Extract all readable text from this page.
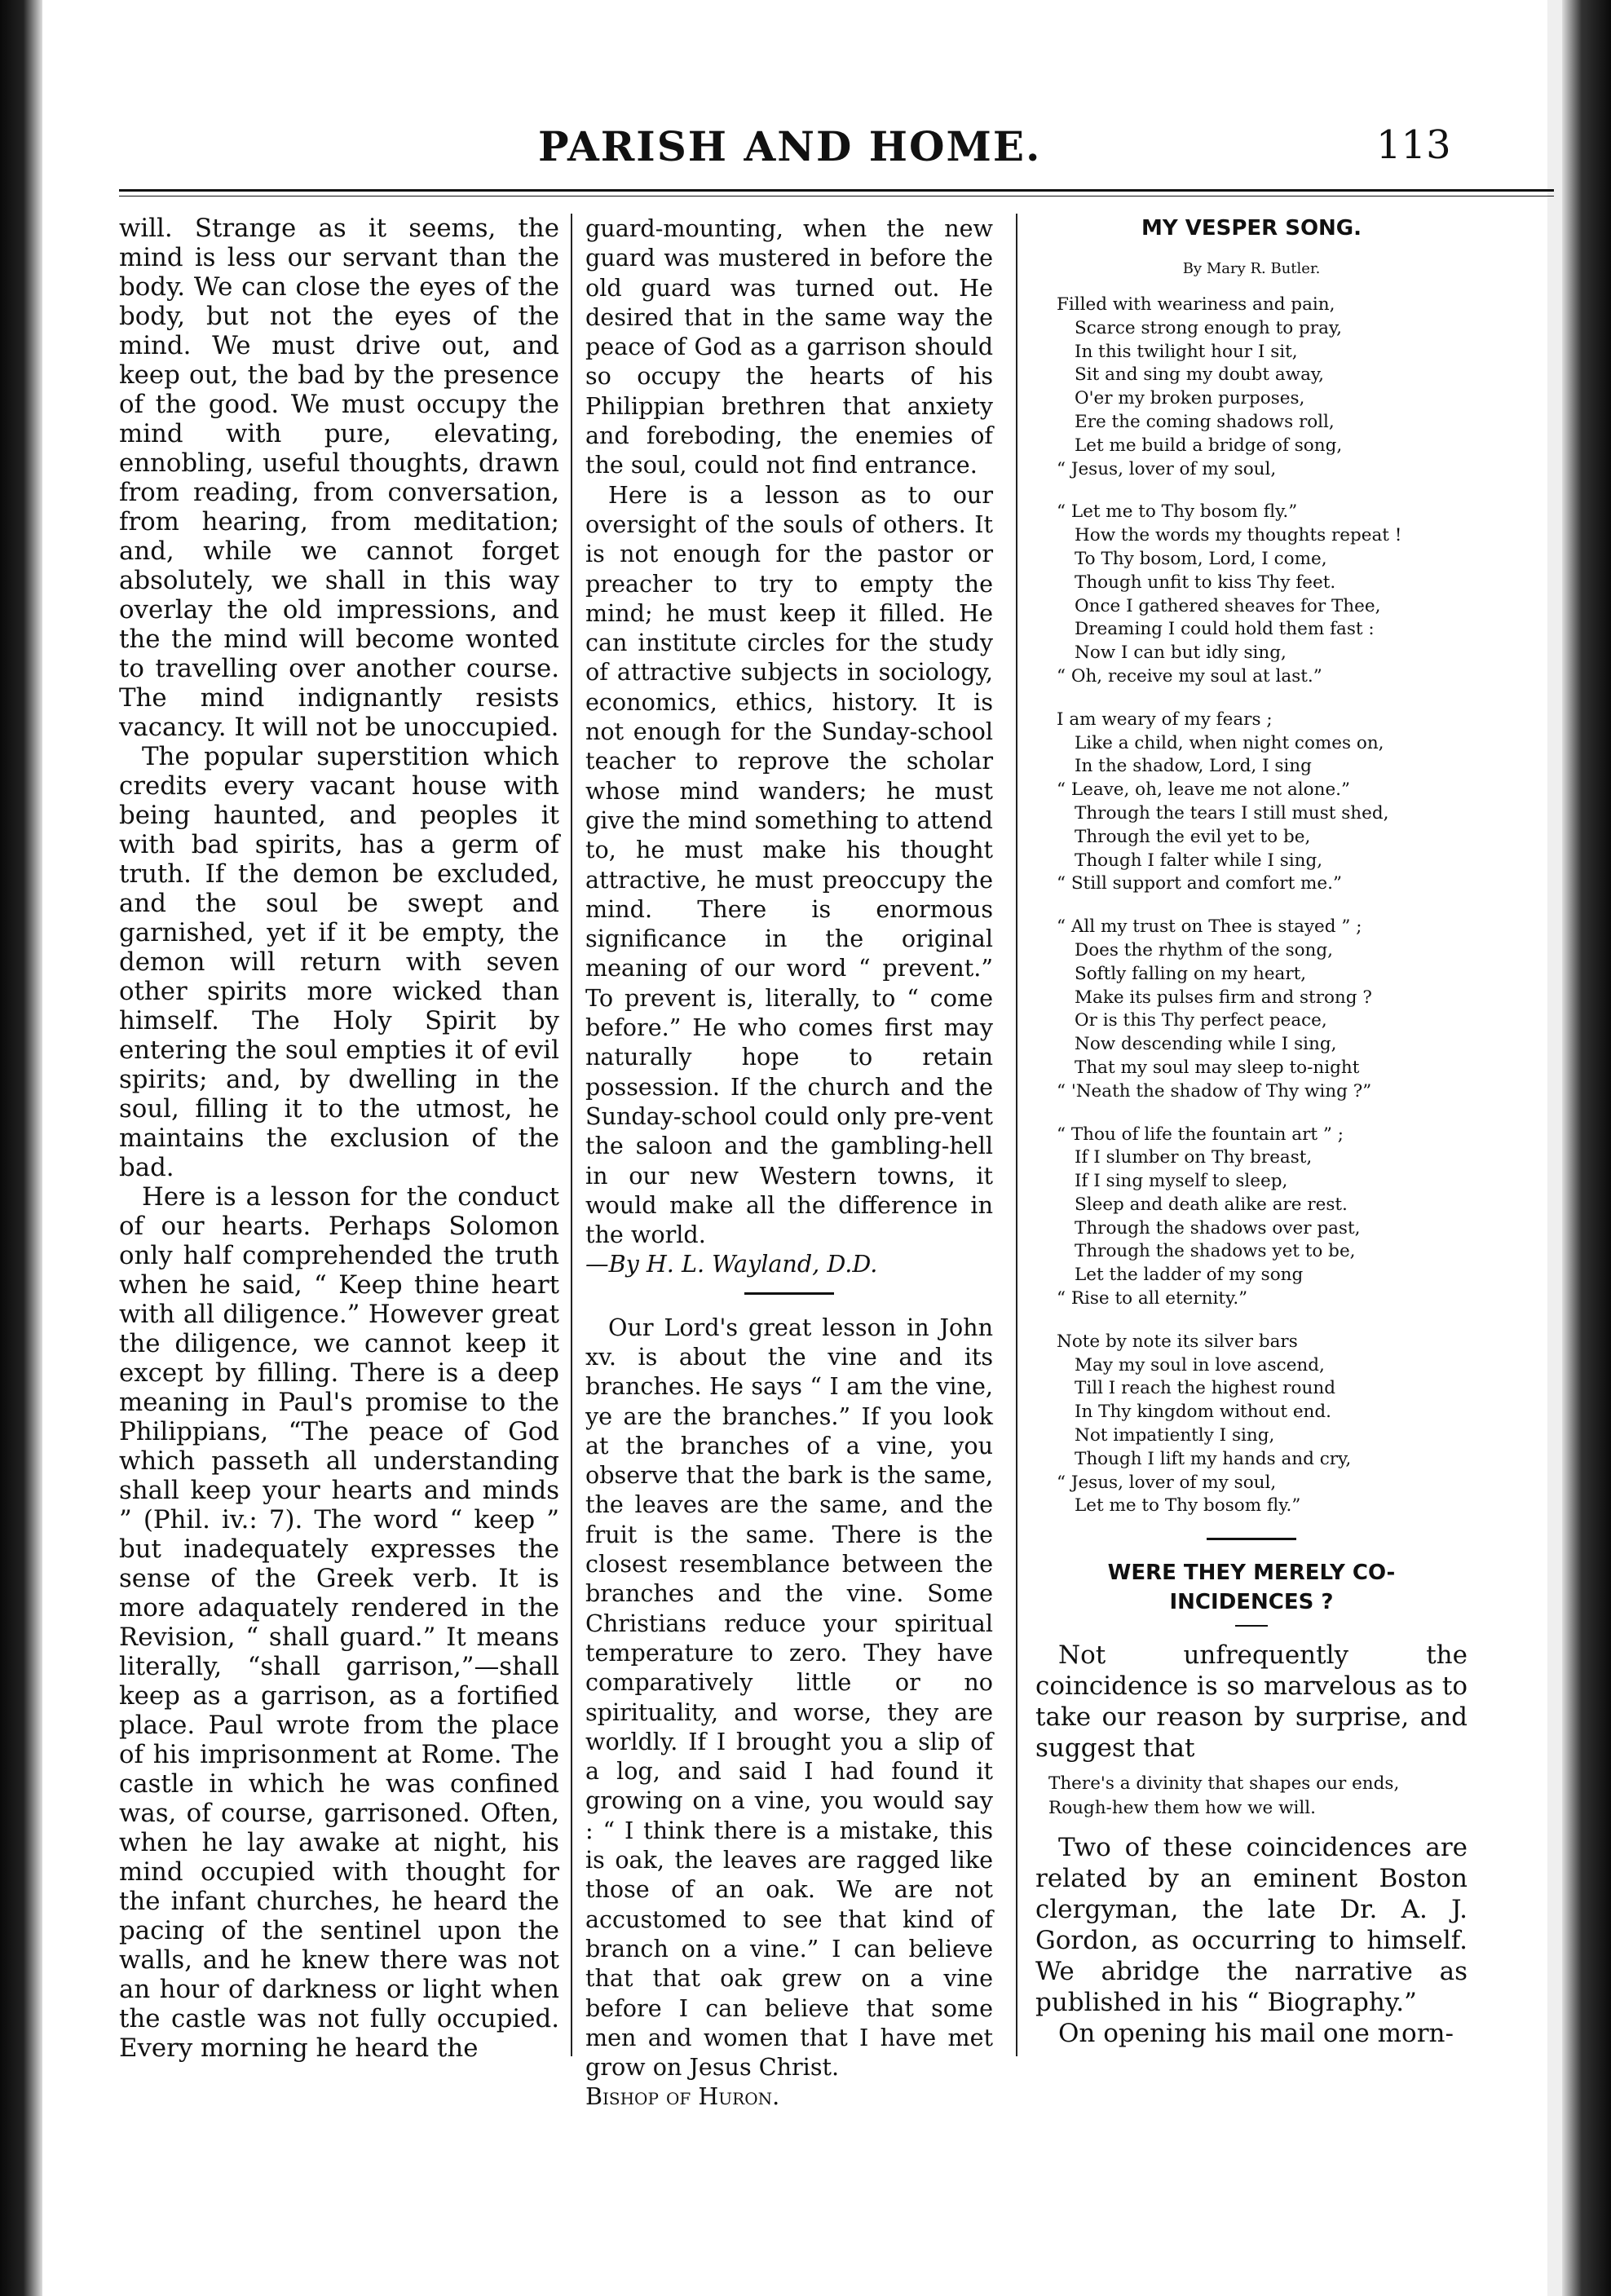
PARISH AND HOME.	113

will. Strange as it seems, the mind is less our servant than the body. We can close the eyes of the body, but not the eyes of the mind. We must drive out, and keep out, the bad by the presence of the good. We must occupy the mind with pure, elevating, ennobling, useful thoughts, drawn from reading, from conversation, from hearing, from meditation; and, while we cannot forget absolutely, we shall in this way overlay the old impressions, and the the mind will become wonted to travelling over another course. The mind indignantly resists vacancy. It will not be unoccupied.

The popular superstition which credits every vacant house with being haunted, and peoples it with bad spirits, has a germ of truth. If the demon be excluded, and the soul be swept and garnished, yet if it be empty, the demon will return with seven other spirits more wicked than himself. The Holy Spirit by entering the soul empties it of evil spirits; and, by dwelling in the soul, filling it to the utmost, he maintains the exclusion of the bad.

Here is a lesson for the conduct of our hearts. Perhaps Solomon only half comprehended the truth when he said, “ Keep thine heart with all diligence.” However great the diligence, we cannot keep it except by filling. There is a deep meaning in Paul's promise to the Philippians, “The peace of God which passeth all understanding shall keep your hearts and minds ” (Phil. iv.: 7). The word “ keep ” but inadequately expresses the sense of the Greek verb. It is more adaquately rendered in the Revision, “ shall guard.” It means literally, “shall garrison,”—shall keep as a garrison, as a fortified place. Paul wrote from the place of his imprisonment at Rome. The castle in which he was confined was, of course, garrisoned. Often, when he lay awake at night, his mind occupied with thought for the infant churches, he heard the pacing of the sentinel upon the walls, and he knew there was not an hour of darkness or light when the castle was not fully occupied. Every morning he heard the

guard-mounting, when the new guard was mustered in before the old guard was turned out. He desired that in the same way the peace of God as a garrison should so occupy the hearts of his Philippian brethren that anxiety and foreboding, the enemies of the soul, could not find entrance.

Here is a lesson as to our oversight of the souls of others. It is not enough for the pastor or preacher to try to empty the mind; he must keep it filled. He can institute circles for the study of attractive subjects in sociology, economics, ethics, history. It is not enough for the Sunday-school teacher to reprove the scholar whose mind wanders; he must give the mind something to attend to, he must make his thought attractive, he must preoccupy the mind. There is enormous significance in the original meaning of our word “ prevent.” To prevent is, literally, to “ come before.” He who comes first may naturally hope to retain possession. If the church and the Sunday-school could only pre-vent the saloon and the gambling-hell in our new Western towns, it would make all the difference in the world.

—By H. L. Wayland, D.D.

Our Lord's great lesson in John xv. is about the vine and its branches. He says “ I am the vine, ye are the branches.” If you look at the branches of a vine, you observe that the bark is the same, the leaves are the same, and the fruit is the same. There is the closest resemblance between the branches and the vine. Some Christians reduce your spiritual temperature to zero. They have comparatively little or no spirituality, and worse, they are worldly. If I brought you a slip of a log, and said I had found it growing on a vine, you would say : “ I think there is a mistake, this is oak, the leaves are ragged like those of an oak. We are not accustomed to see that kind of branch on a vine.” I can believe that that oak grew on a vine before I can believe that some men and women that I have met grow on Jesus Christ.

Bishop of Huron.

MY VESPER SONG.
By Mary R. Butler.
Filled with weariness and pain,
Scarce strong enough to pray,
In this twilight hour I sit,
Sit and sing my doubt away,
O'er my broken purposes,
Ere the coming shadows roll,
Let me build a bridge of song,
“ Jesus, lover of my soul,
“ Let me to Thy bosom fly.”
How the words my thoughts repeat !
To Thy bosom, Lord, I come,
Though unfit to kiss Thy feet.
Once I gathered sheaves for Thee,
Dreaming I could hold them fast :
Now I can but idly sing,
“ Oh, receive my soul at last.”
I am weary of my fears ;
Like a child, when night comes on,
In the shadow, Lord, I sing
“ Leave, oh, leave me not alone.”
Through the tears I still must shed,
Through the evil yet to be,
Though I falter while I sing,
“ Still support and comfort me.”
“ All my trust on Thee is stayed ” ;
Does the rhythm of the song,
Softly falling on my heart,
Make its pulses firm and strong ?
Or is this Thy perfect peace,
Now descending while I sing,
That my soul may sleep to-night
“ 'Neath the shadow of Thy wing ?”
“ Thou of life the fountain art ” ;
If I slumber on Thy breast,
If I sing myself to sleep,
Sleep and death alike are rest.
Through the shadows over past,
Through the shadows yet to be,
Let the ladder of my song
“ Rise to all eternity.”
Note by note its silver bars
May my soul in love ascend,
Till I reach the highest round
In Thy kingdom without end.
Not impatiently I sing,
Though I lift my hands and cry,
“ Jesus, lover of my soul,
Let me to Thy bosom fly.”
WERE THEY MERELY CO-
INCIDENCES ?

Not unfrequently the coincidence is so marvelous as to take our reason by surprise, and suggest that

There's a divinity that shapes our ends,
Rough-hew them how we will.

Two of these coincidences are related by an eminent Boston clergyman, the late Dr. A. J. Gordon, as occurring to himself. We abridge the narrative as published in his “ Biography.”

On opening his mail one morn-
